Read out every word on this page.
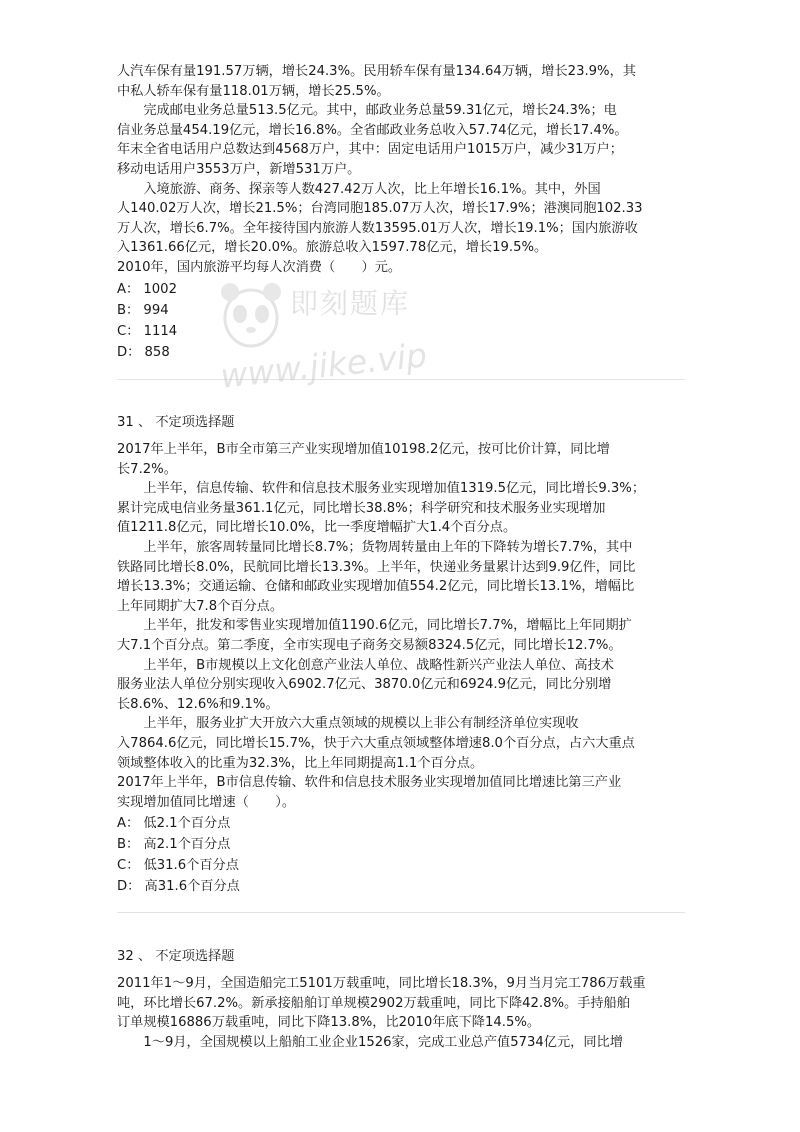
人汽车保有量191.57万辆，增长24.3%。民用轿车保有量134.64万辆，增长23.9%，其
中私人轿车保有量118.01万辆，增长25.5%。
　　完成邮电业务总量513.5亿元。其中，邮政业务总量59.31亿元，增长24.3%；电
信业务总量454.19亿元，增长16.8%。全省邮政业务总收入57.74亿元，增长17.4%。
年末全省电话用户总数达到4568万户，其中：固定电话用户1015万户，减少31万户；
移动电话用户3553万户，新增531万户。
　　入境旅游、商务、探亲等人数427.42万人次，比上年增长16.1%。其中，外国
人140.02万人次，增长21.5%；台湾同胞185.07万人次，增长17.9%；港澳同胞102.33
万人次，增长6.7%。全年接待国内旅游人数13595.01万人次，增长19.1%；国内旅游收
入1361.66亿元，增长20.0%。旅游总收入1597.78亿元，增长19.5%。
2010年，国内旅游平均每人次消费（　　）元。
A： 1002
B： 994
C： 1114
D： 858
31 、 不定项选择题
2017年上半年，B市全市第三产业实现增加值10198.2亿元，按可比价计算，同比增
长7.2%。
　　上半年，信息传输、软件和信息技术服务业实现增加值1319.5亿元，同比增长9.3%；
累计完成电信业务量361.1亿元，同比增长38.8%；科学研究和技术服务业实现增加
值1211.8亿元，同比增长10.0%，比一季度增幅扩大1.4个百分点。
　　上半年，旅客周转量同比增长8.7%；货物周转量由上年的下降转为增长7.7%，其中
铁路同比增长8.0%，民航同比增长13.3%。上半年，快递业务量累计达到9.9亿件，同比
增长13.3%；交通运输、仓储和邮政业实现增加值554.2亿元，同比增长13.1%，增幅比
上年同期扩大7.8个百分点。
　　上半年，批发和零售业实现增加值1190.6亿元，同比增长7.7%，增幅比上年同期扩
大7.1个百分点。第二季度，全市实现电子商务交易额8324.5亿元，同比增长12.7%。
　　上半年，B市规模以上文化创意产业法人单位、战略性新兴产业法人单位、高技术
服务业法人单位分别实现收入6902.7亿元、3870.0亿元和6924.9亿元，同比分别增
长8.6%、12.6%和9.1%。
　　上半年，服务业扩大开放六大重点领域的规模以上非公有制经济单位实现收
入7864.6亿元，同比增长15.7%，快于六大重点领域整体增速8.0个百分点，占六大重点
领域整体收入的比重为32.3%，比上年同期提高1.1个百分点。
2017年上半年，B市信息传输、软件和信息技术服务业实现增加值同比增速比第三产业
实现增加值同比增速（　　）。
A： 低2.1个百分点
B： 高2.1个百分点
C： 低31.6个百分点
D： 高31.6个百分点
32 、 不定项选择题
2011年1～9月，全国造船完工5101万载重吨，同比增长18.3%，9月当月完工786万载重
吨，环比增长67.2%。新承接船舶订单规模2902万载重吨，同比下降42.8%。手持船舶
订单规模16886万载重吨，同比下降13.8%，比2010年底下降14.5%。
　　1～9月，全国规模以上船舶工业企业1526家，完成工业总产值5734亿元，同比增
即刻题库
www.jike.vip
